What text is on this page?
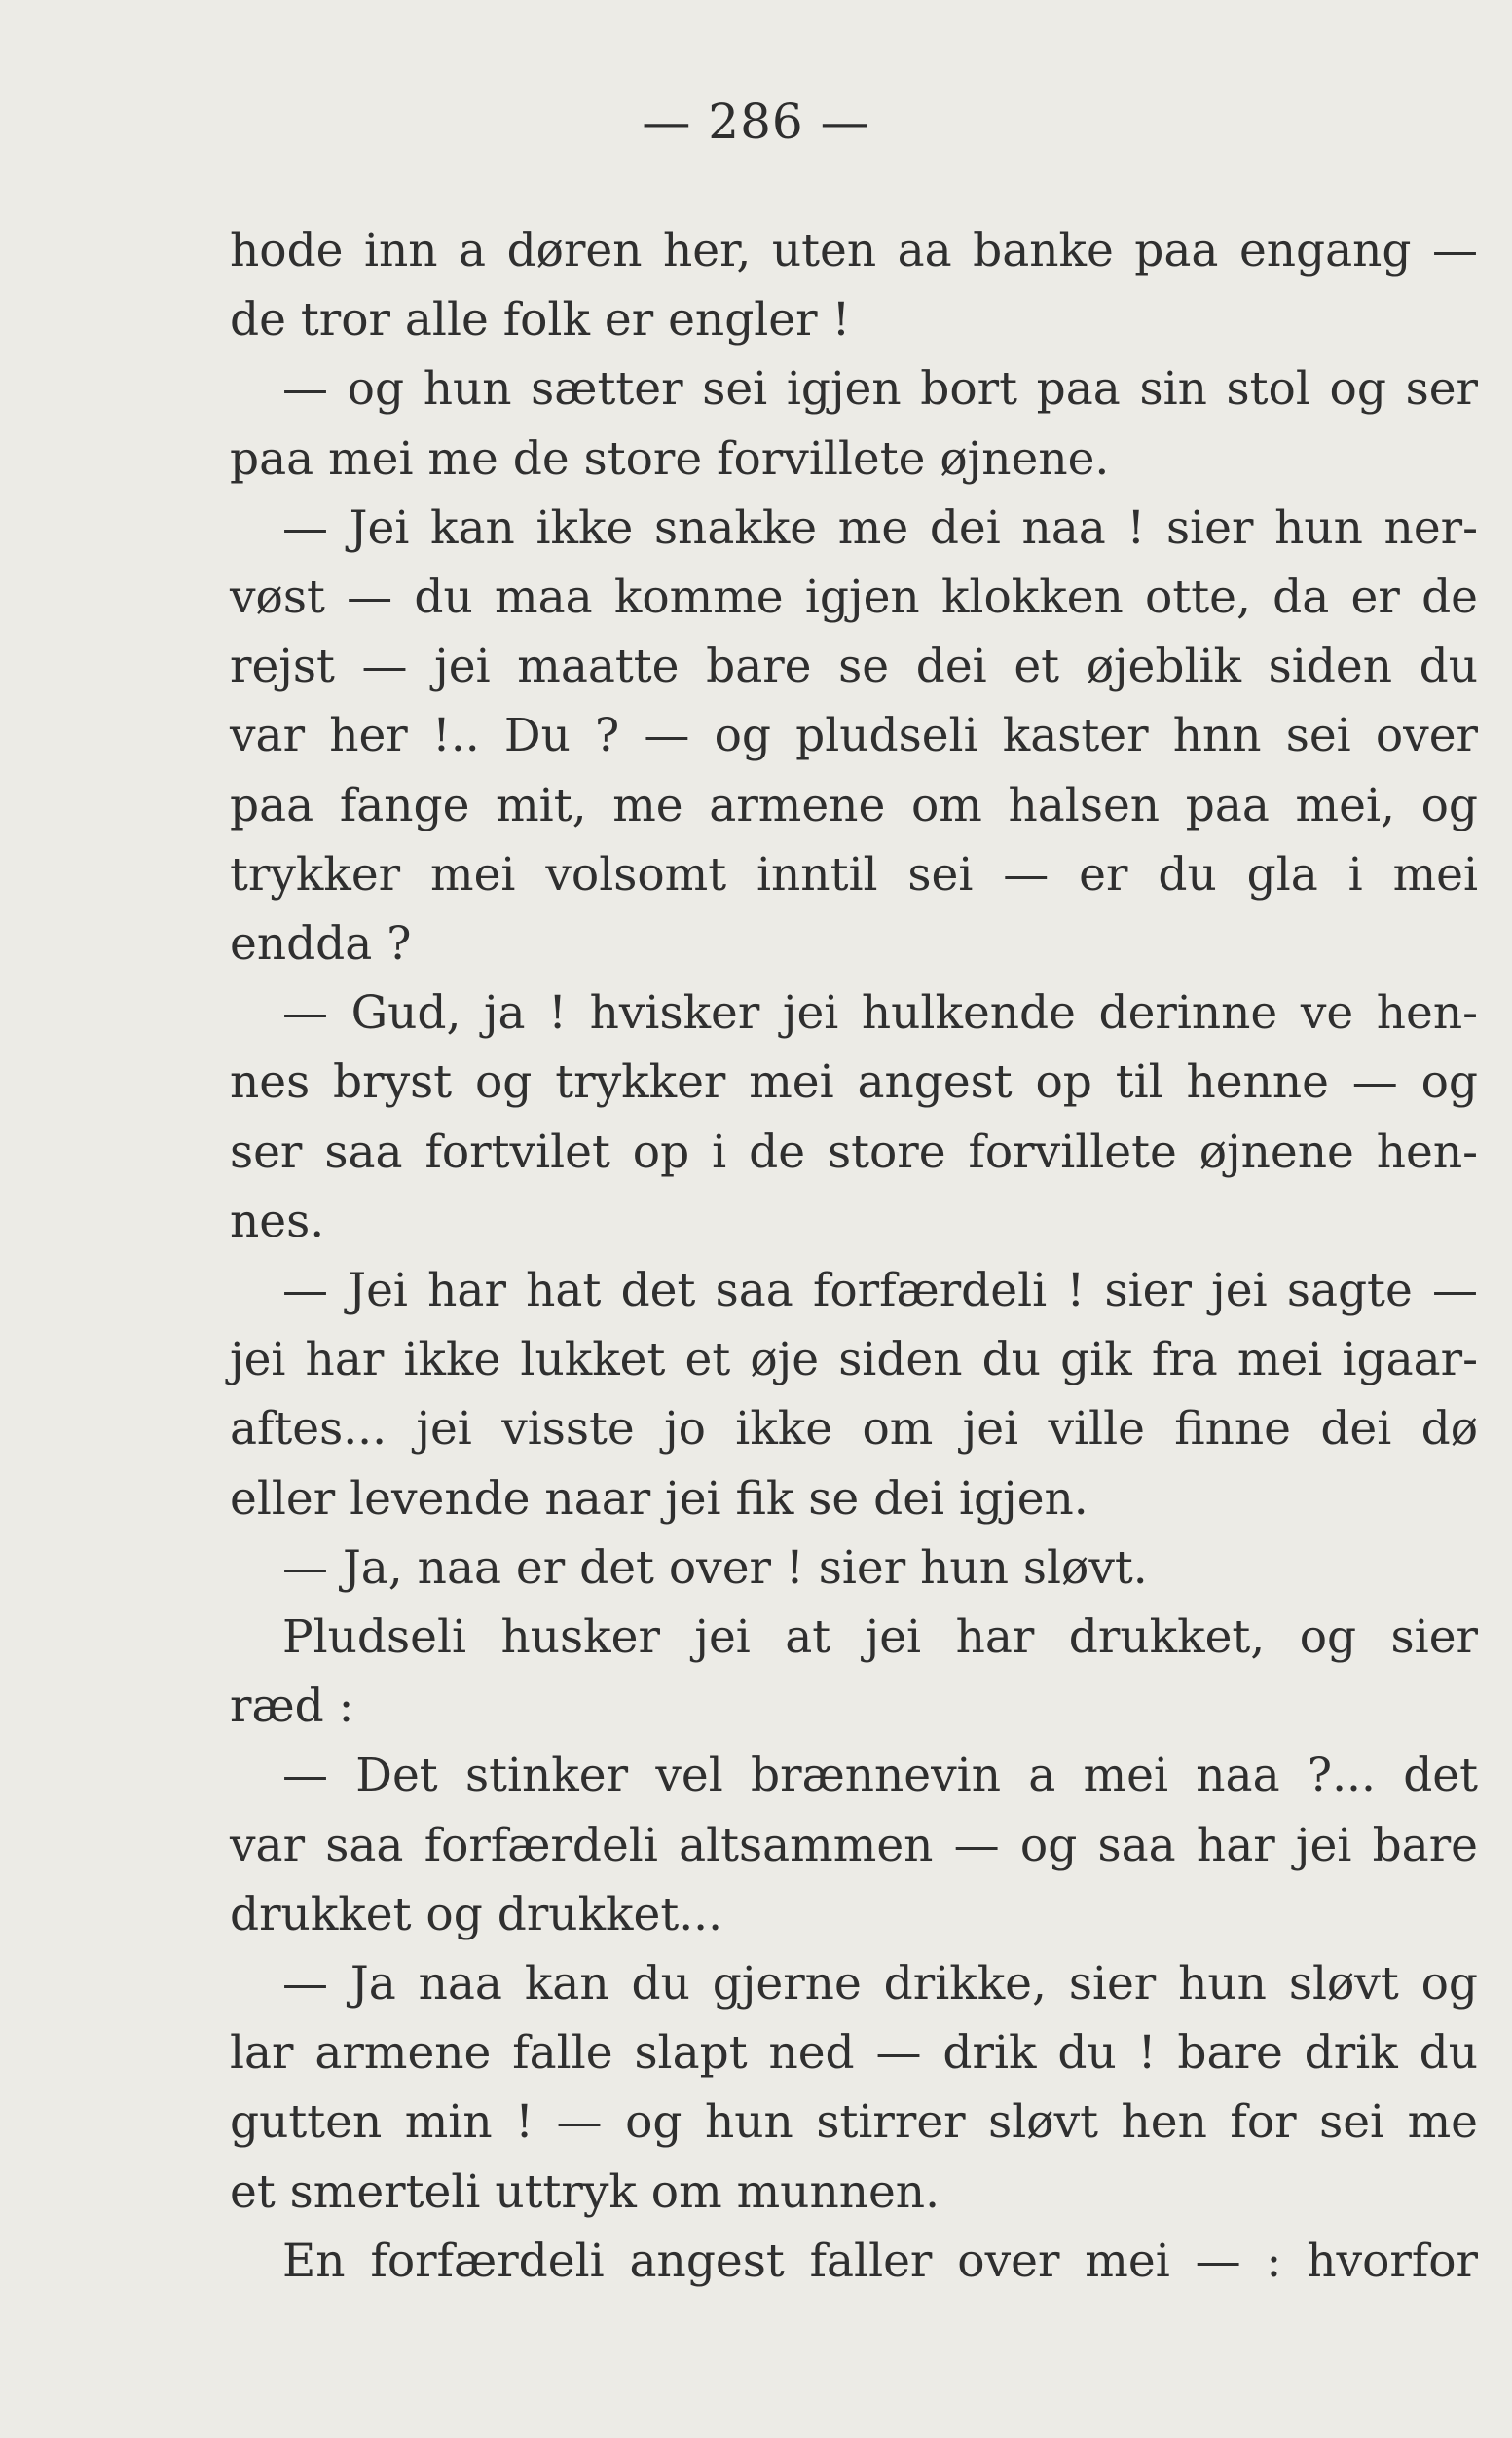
— 286 —
hode inn a døren her, uten aa banke paa engang —
de tror alle folk er engler !
— og hun sætter sei igjen bort paa sin stol og ser
paa mei me de store forvillete øjnene.
— Jei kan ikke snakke me dei naa ! sier hun ner-
vøst — du maa komme igjen klokken otte, da er de
rejst — jei maatte bare se dei et øjeblik siden du
var her !.. Du ? — og pludseli kaster hnn sei over
paa fange mit, me armene om halsen paa mei, og
trykker mei volsomt inntil sei — er du gla i mei
endda ?
— Gud, ja ! hvisker jei hulkende derinne ve hen-
nes bryst og trykker mei angest op til henne — og
ser saa fortvilet op i de store forvillete øjnene hen-
nes.
— Jei har hat det saa forfærdeli ! sier jei sagte —
jei har ikke lukket et øje siden du gik fra mei igaar-
aftes... jei visste jo ikke om jei ville finne dei dø
eller levende naar jei fik se dei igjen.
— Ja, naa er det over ! sier hun sløvt.
Pludseli husker jei at jei har drukket, og sier
ræd :
— Det stinker vel brænnevin a mei naa ?... det
var saa forfærdeli altsammen — og saa har jei bare
drukket og drukket...
— Ja naa kan du gjerne drikke, sier hun sløvt og
lar armene falle slapt ned — drik du ! bare drik du
gutten min ! — og hun stirrer sløvt hen for sei me
et smerteli uttryk om munnen.
En forfærdeli angest faller over mei — : hvorfor
